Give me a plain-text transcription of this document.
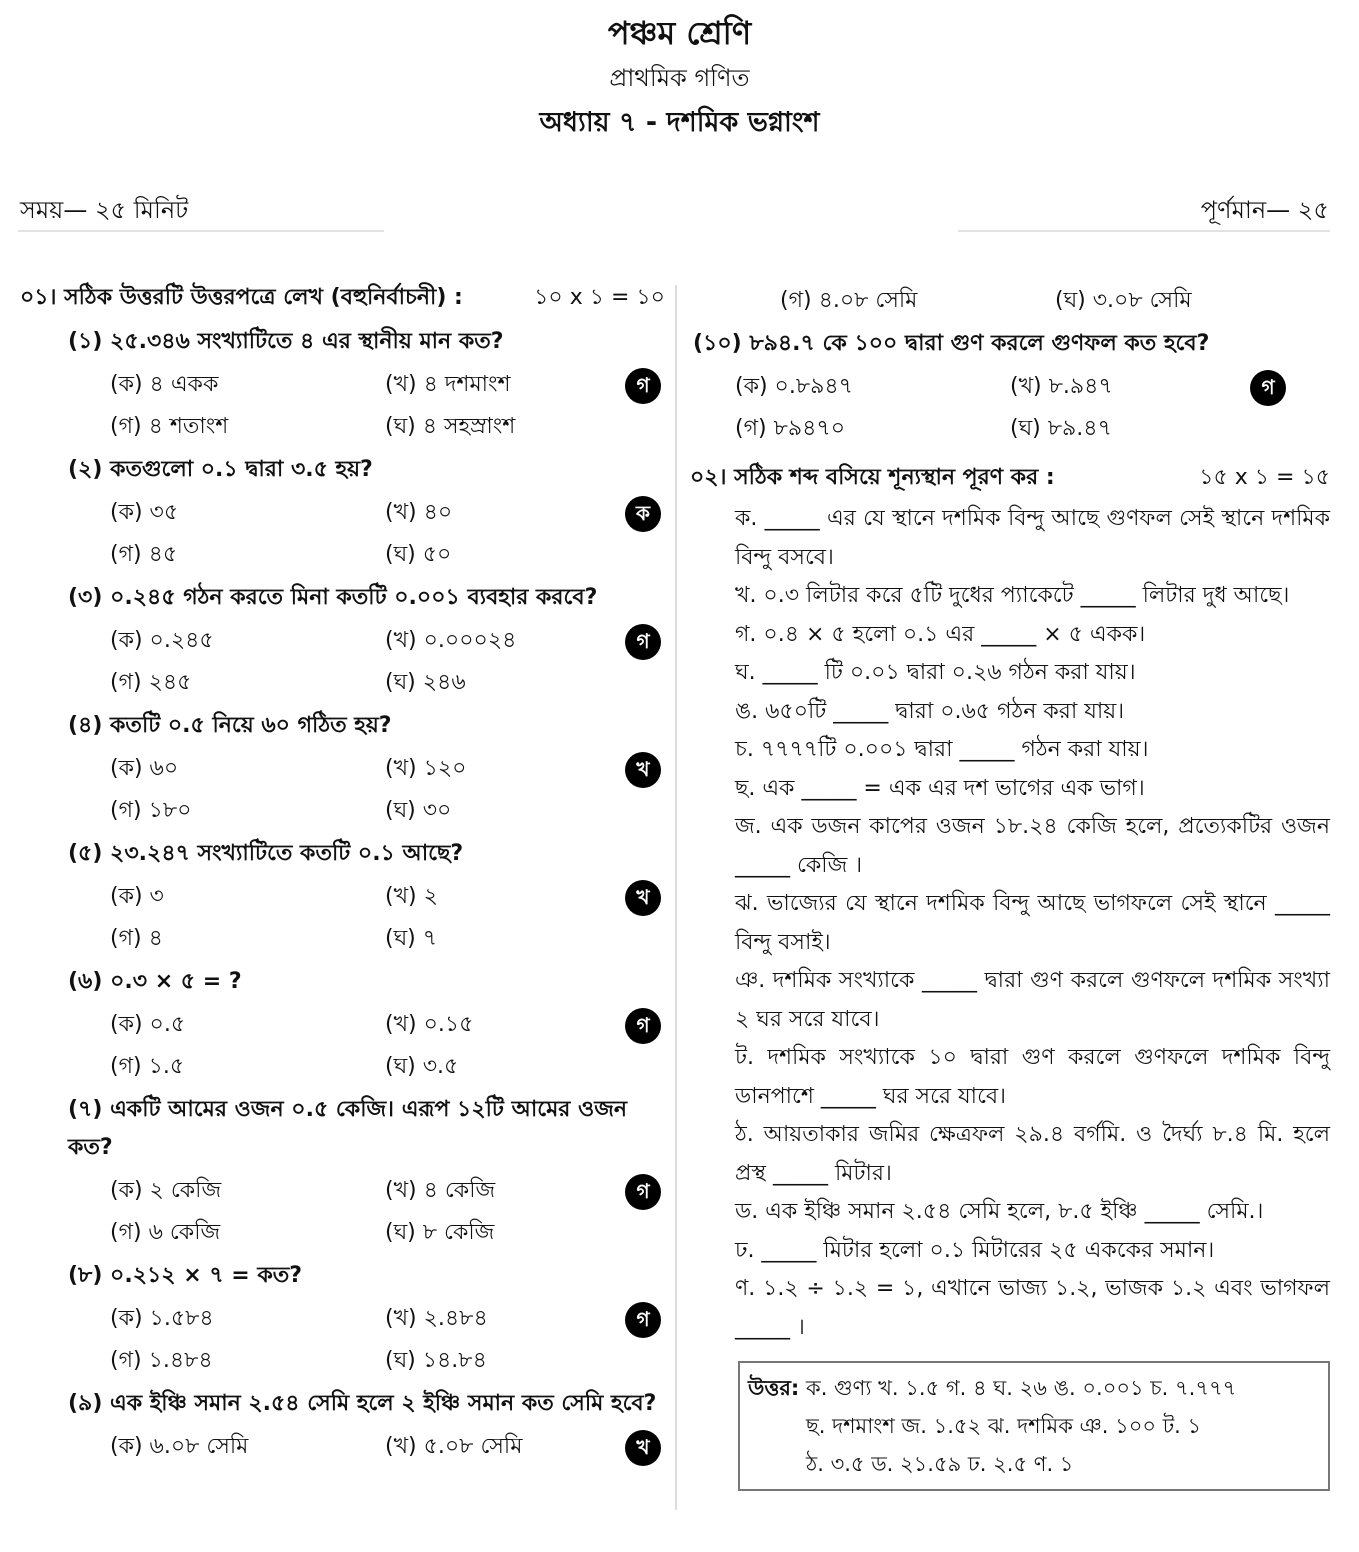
পঞ্চম শ্রেণি
প্রাথমিক গণিত
অধ্যায় ৭ - দশমিক ভগ্নাংশ
সময়— ২৫ মিনিট	পূর্ণমান— ২৫
০১। সঠিক উত্তরটি উত্তরপত্রে লেখ (বহুনির্বাচনী) :	১০ x ১ = ১০
(১) ২৫.৩৪৬ সংখ্যাটিতে ৪ এর স্থানীয় মান কত?
(ক) ৪ একক	(খ) ৪ দশমাংশ
(গ) ৪ শতাংশ	(ঘ) ৪ সহস্রাংশ
গ
(২) কতগুলো ০.১ দ্বারা ৩.৫ হয়?
(ক) ৩৫	(খ) ৪০
(গ) ৪৫	(ঘ) ৫০
ক
(৩) ০.২৪৫ গঠন করতে মিনা কতটি ০.০০১ ব্যবহার করবে?
(ক) ০.২৪৫	(খ) ০.০০০২৪
(গ) ২৪৫	(ঘ) ২৪৬
গ
(৪) কতটি ০.৫ নিয়ে ৬০ গঠিত হয়?
(ক) ৬০	(খ) ১২০
(গ) ১৮০	(ঘ) ৩০
খ
(৫) ২৩.২৪৭ সংখ্যাটিতে কতটি ০.১ আছে?
(ক) ৩	(খ) ২
(গ) ৪	(ঘ) ৭
খ
(৬) ০.৩ × ৫ = ?
(ক) ০.৫	(খ) ০.১৫
(গ) ১.৫	(ঘ) ৩.৫
গ
(৭) একটি আমের ওজন ০.৫ কেজি। এরূপ ১২টি আমের ওজন কত?
(ক) ২ কেজি	(খ) ৪ কেজি
(গ) ৬ কেজি	(ঘ) ৮ কেজি
গ
(৮) ০.২১২ × ৭ = কত?
(ক) ১.৫৮৪	(খ) ২.৪৮৪
(গ) ১.৪৮৪	(ঘ) ১৪.৮৪
গ
(৯) এক ইঞ্চি সমান ২.৫৪ সেমি হলে ২ ইঞ্চি সমান কত সেমি হবে?
(ক) ৬.০৮ সেমি	(খ) ৫.০৮ সেমি	খ
(গ) ৪.০৮ সেমি	(ঘ) ৩.০৮ সেমি
(১০) ৮৯৪.৭ কে ১০০ দ্বারা গুণ করলে গুণফল কত হবে?
(ক) ০.৮৯৪৭	(খ) ৮.৯৪৭
(গ) ৮৯৪৭০	(ঘ) ৮৯.৪৭
গ
০২। সঠিক শব্দ বসিয়ে শূন্যস্থান পূরণ কর :	১৫ x ১ = ১৫
ক. _____ এর যে স্থানে দশমিক বিন্দু আছে গুণফল সেই স্থানে দশমিক বিন্দু বসবে।
খ. ০.৩ লিটার করে ৫টি দুধের প্যাকেটে _____ লিটার দুধ আছে।
গ. ০.৪ × ৫ হলো ০.১ এর _____ × ৫ একক।
ঘ. _____ টি ০.০১ দ্বারা ০.২৬ গঠন করা যায়।
ঙ. ৬৫০টি _____ দ্বারা ০.৬৫ গঠন করা যায়।
চ. ৭৭৭৭টি ০.০০১ দ্বারা _____ গঠন করা যায়।
ছ. এক _____ = এক এর দশ ভাগের এক ভাগ।
জ. এক ডজন কাপের ওজন ১৮.২৪ কেজি হলে, প্রত্যেকটির ওজন _____ কেজি ।
ঝ. ভাজ্যের যে স্থানে দশমিক বিন্দু আছে ভাগফলে সেই স্থানে _____ বিন্দু বসাই।
ঞ. দশমিক সংখ্যাকে _____ দ্বারা গুণ করলে গুণফলে দশমিক সংখ্যা ২ ঘর সরে যাবে।
ট. দশমিক সংখ্যাকে ১০ দ্বারা গুণ করলে গুণফলে দশমিক বিন্দু ডানপাশে _____ ঘর সরে যাবে।
ঠ. আয়তাকার জমির ক্ষেত্রফল ২৯.৪ বর্গমি. ও দৈর্ঘ্য ৮.৪ মি. হলে প্রস্থ _____ মিটার।
ড. এক ইঞ্চি সমান ২.৫৪ সেমি হলে, ৮.৫ ইঞ্চি _____ সেমি.।
ঢ. _____ মিটার হলো ০.১ মিটারের ২৫ এককের সমান।
ণ. ১.২ ÷ ১.২ = ১, এখানে ভাজ্য ১.২, ভাজক ১.২ এবং ভাগফল _____ ।
উত্তর: ক. গুণ্য খ. ১.৫ গ. ৪ ঘ. ২৬ ঙ. ০.০০১ চ. ৭.৭৭৭
ছ. দশমাংশ জ. ১.৫২ ঝ. দশমিক ঞ. ১০০ ট. ১
ঠ. ৩.৫ ড. ২১.৫৯ ঢ. ২.৫ ণ. ১
